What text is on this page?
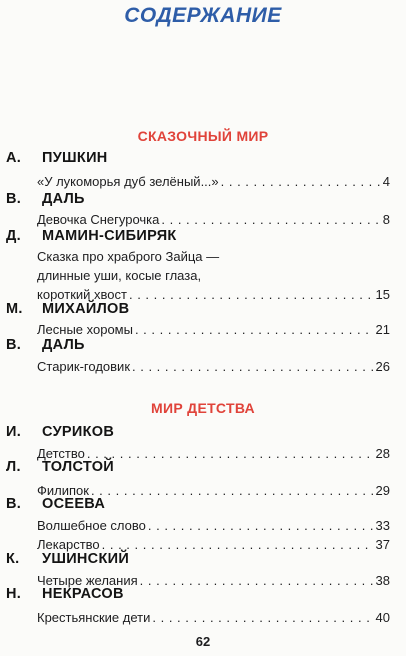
СОДЕРЖАНИЕ
СКАЗОЧНЫЙ МИР
А. ПУШКИН
«У лукоморья дуб зелёный...» . . .	4
В. ДАЛЬ
Девочка Снегурочка . . .	8
Д. МАМИН-СИБИРЯК
Сказка про храброго Зайца —
длинные уши, косые глаза,
короткий хвост . . .	15
М. МИХАЙЛОВ
Лесные хоромы . . .	21
В. ДАЛЬ
Старик-годовик . . .	26
МИР ДЕТСТВА
И. СУРИКОВ
Детство . . .	28
Л. ТОЛСТОЙ
Филипок . . .	29
В. ОСЕЕВА
Волшебное слово . . .	33
Лекарство . . .	37
К. УШИНСКИЙ
Четыре желания . . .	38
Н. НЕКРАСОВ
Крестьянские дети . . .	40
62
